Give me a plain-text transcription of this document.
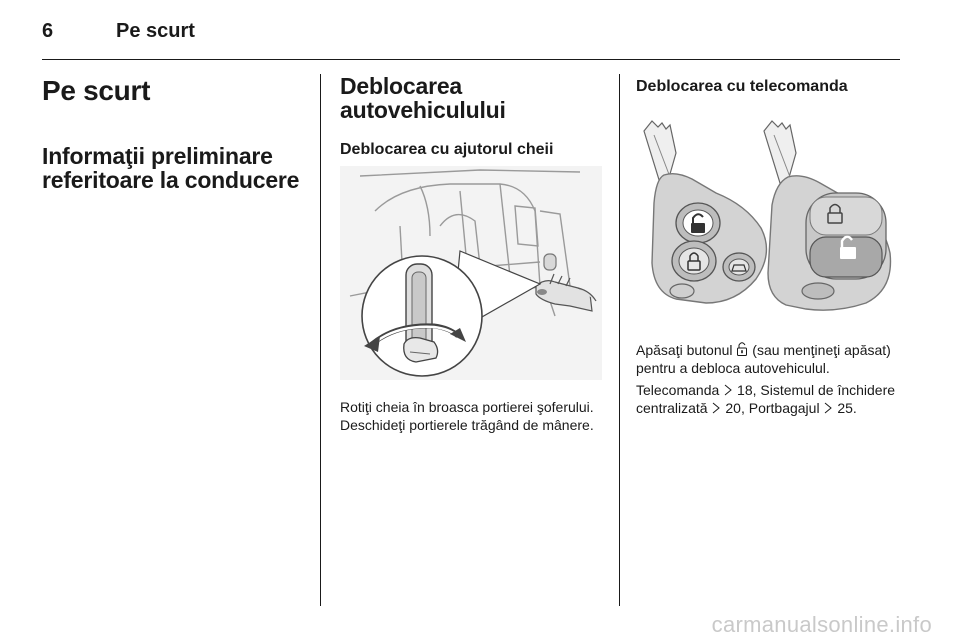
6	Pe scurt
Pe scurt
Informaţii preliminare referitoare la conducere
Deblocarea autovehiculului
Deblocarea cu ajutorul cheii

Rotiţi cheia în broasca portierei şoferului. Deschideţi portierele trăgând de mânere.

Deblocarea cu telecomanda

Apăsaţi butonul  (sau menţineţi apăsat) pentru a debloca autovehiculul.

Telecomanda  18, Sistemul de închidere centralizată  20, Portbagajul  25.

carmanualsonline.info
